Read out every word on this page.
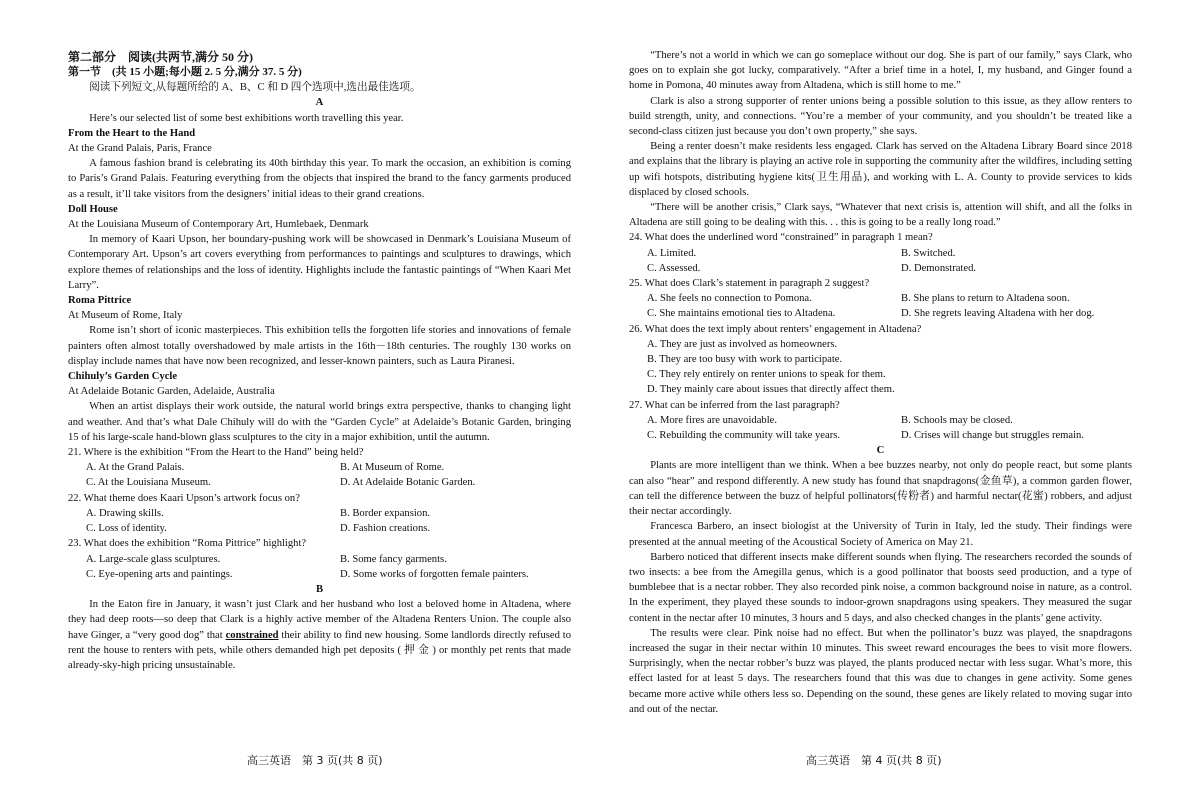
第二部分　阅读(共两节,满分 50 分)
第一节　(共 15 小题;每小题 2. 5 分,满分 37. 5 分)

阅读下列短文,从每题所给的 A、B、C 和 D 四个选项中,选出最佳选项。

A

Here’s our selected list of some best exhibitions worth travelling this year.

From the Heart to the Hand
At the Grand Palais, Paris, France

A famous fashion brand is celebrating its 40th birthday this year. To mark the occasion, an exhibition is coming to Paris’s Grand Palais. Featuring everything from the objects that inspired the brand to the fancy garments produced as a result, it’ll take visitors from the designers’ initial ideas to their grand creations.

Doll House
At the Louisiana Museum of Contemporary Art, Humlebaek, Denmark

In memory of Kaari Upson, her boundary-pushing work will be showcased in Denmark’s Louisiana Museum of Contemporary Art. Upson’s art covers everything from performances to paintings and sculptures to drawings, which explore themes of relationships and the loss of identity. Highlights include the fantastic paintings of “When Kaari Met Larry”.

Roma Pittrice
At Museum of Rome, Italy

Rome isn’t short of iconic masterpieces. This exhibition tells the forgotten life stories and innovations of female painters often almost totally overshadowed by male artists in the 16th－18th centuries. The roughly 130 works on display include names that have now been recognized, and lesser-known painters, such as Laura Piranesi.

Chihuly’s Garden Cycle
At Adelaide Botanic Garden, Adelaide, Australia

When an artist displays their work outside, the natural world brings extra perspective, thanks to changing light and weather. And that’s what Dale Chihuly will do with the “Garden Cycle” at Adelaide’s Botanic Garden, bringing 15 of his large-scale hand-blown glass sculptures to the city in a major exhibition, until the autumn.

21. Where is the exhibition “From the Heart to the Hand” being held?
A. At the Grand Palais.	B. At Museum of Rome.
C. At the Louisiana Museum.	D. At Adelaide Botanic Garden.
22. What theme does Kaari Upson’s artwork focus on?
A. Drawing skills.	B. Border expansion.
C. Loss of identity.	D. Fashion creations.
23. What does the exhibition “Roma Pittrice” highlight?
A. Large-scale glass sculptures.	B. Some fancy garments.
C. Eye-opening arts and paintings.	D. Some works of forgotten female painters.
B

In the Eaton fire in January, it wasn’t just Clark and her husband who lost a beloved home in Altadena, where they had deep roots—so deep that Clark is a highly active member of the Altadena Renters Union. The couple also have Ginger, a “very good dog” that constrained their ability to find new housing. Some landlords directly refused to rent the house to renters with pets, while others demanded high pet deposits ( 押 金 ) or monthly pet rents that made already-sky-high pricing unsustainable.

“There’s not a world in which we can go someplace without our dog. She is part of our family,” says Clark, who goes on to explain she got lucky, comparatively. “After a brief time in a hotel, I, my husband, and Ginger found a home in Pomona, 40 minutes away from Altadena, which is still home to me.”

Clark is also a strong supporter of renter unions being a possible solution to this issue, as they allow renters to build strength, unity, and connections. “You’re a member of your community, and you shouldn’t be treated like a second-class citizen just because you don’t own property,” she says.

Being a renter doesn’t make residents less engaged. Clark has served on the Altadena Library Board since 2018 and explains that the library is playing an active role in supporting the community after the wildfires, including setting up wifi hotspots, distributing hygiene kits(卫生用品), and working with L. A. County to provide services to kids displaced by closed schools.

“There will be another crisis,” Clark says, “Whatever that next crisis is, attention will shift, and all the folks in Altadena are still going to be dealing with this. . . this is going to be a really long road.”

24. What does the underlined word “constrained” in paragraph 1 mean?
A. Limited.	B. Switched.
C. Assessed.	D. Demonstrated.
25. What does Clark’s statement in paragraph 2 suggest?
A. She feels no connection to Pomona.	B. She plans to return to Altadena soon.
C. She maintains emotional ties to Altadena.	D. She regrets leaving Altadena with her dog.
26. What does the text imply about renters’ engagement in Altadena?
A. They are just as involved as homeowners.
B. They are too busy with work to participate.
C. They rely entirely on renter unions to speak for them.
D. They mainly care about issues that directly affect them.
27. What can be inferred from the last paragraph?
A. More fires are unavoidable.	B. Schools may be closed.
C. Rebuilding the community will take years.	D. Crises will change but struggles remain.
C

Plants are more intelligent than we think. When a bee buzzes nearby, not only do people react, but some plants can also “hear” and respond differently. A new study has found that snapdragons(金鱼草), a common garden flower, can tell the difference between the buzz of helpful pollinators(传粉者) and harmful nectar(花蜜) robbers, and adjust their nectar accordingly.

Francesca Barbero, an insect biologist at the University of Turin in Italy, led the study. Their findings were presented at the annual meeting of the Acoustical Society of America on May 21.

Barbero noticed that different insects make different sounds when flying. The researchers recorded the sounds of two insects: a bee from the Amegilla genus, which is a good pollinator that boosts seed production, and a type of bumblebee that is a nectar robber. They also recorded pink noise, a common background noise in nature, as a control. In the experiment, they played these sounds to indoor-grown snapdragons using speakers. They measured the sugar content in the nectar after 10 minutes, 3 hours and 5 days, and also checked changes in the plants’ gene activity.

The results were clear. Pink noise had no effect. But when the pollinator’s buzz was played, the snapdragons increased the sugar in their nectar within 10 minutes. This sweet reward encourages the bees to visit more flowers. Surprisingly, when the nectar robber’s buzz was played, the plants produced nectar with less sugar. What’s more, this effect lasted for at least 5 days. The researchers found that this was due to changes in gene activity. Some genes became more active while others less so. Depending on the sound, these genes are likely related to moving sugar into and out of the nectar.

高三英语　第 3 页(共 8 页)	高三英语　第 4 页(共 8 页)
